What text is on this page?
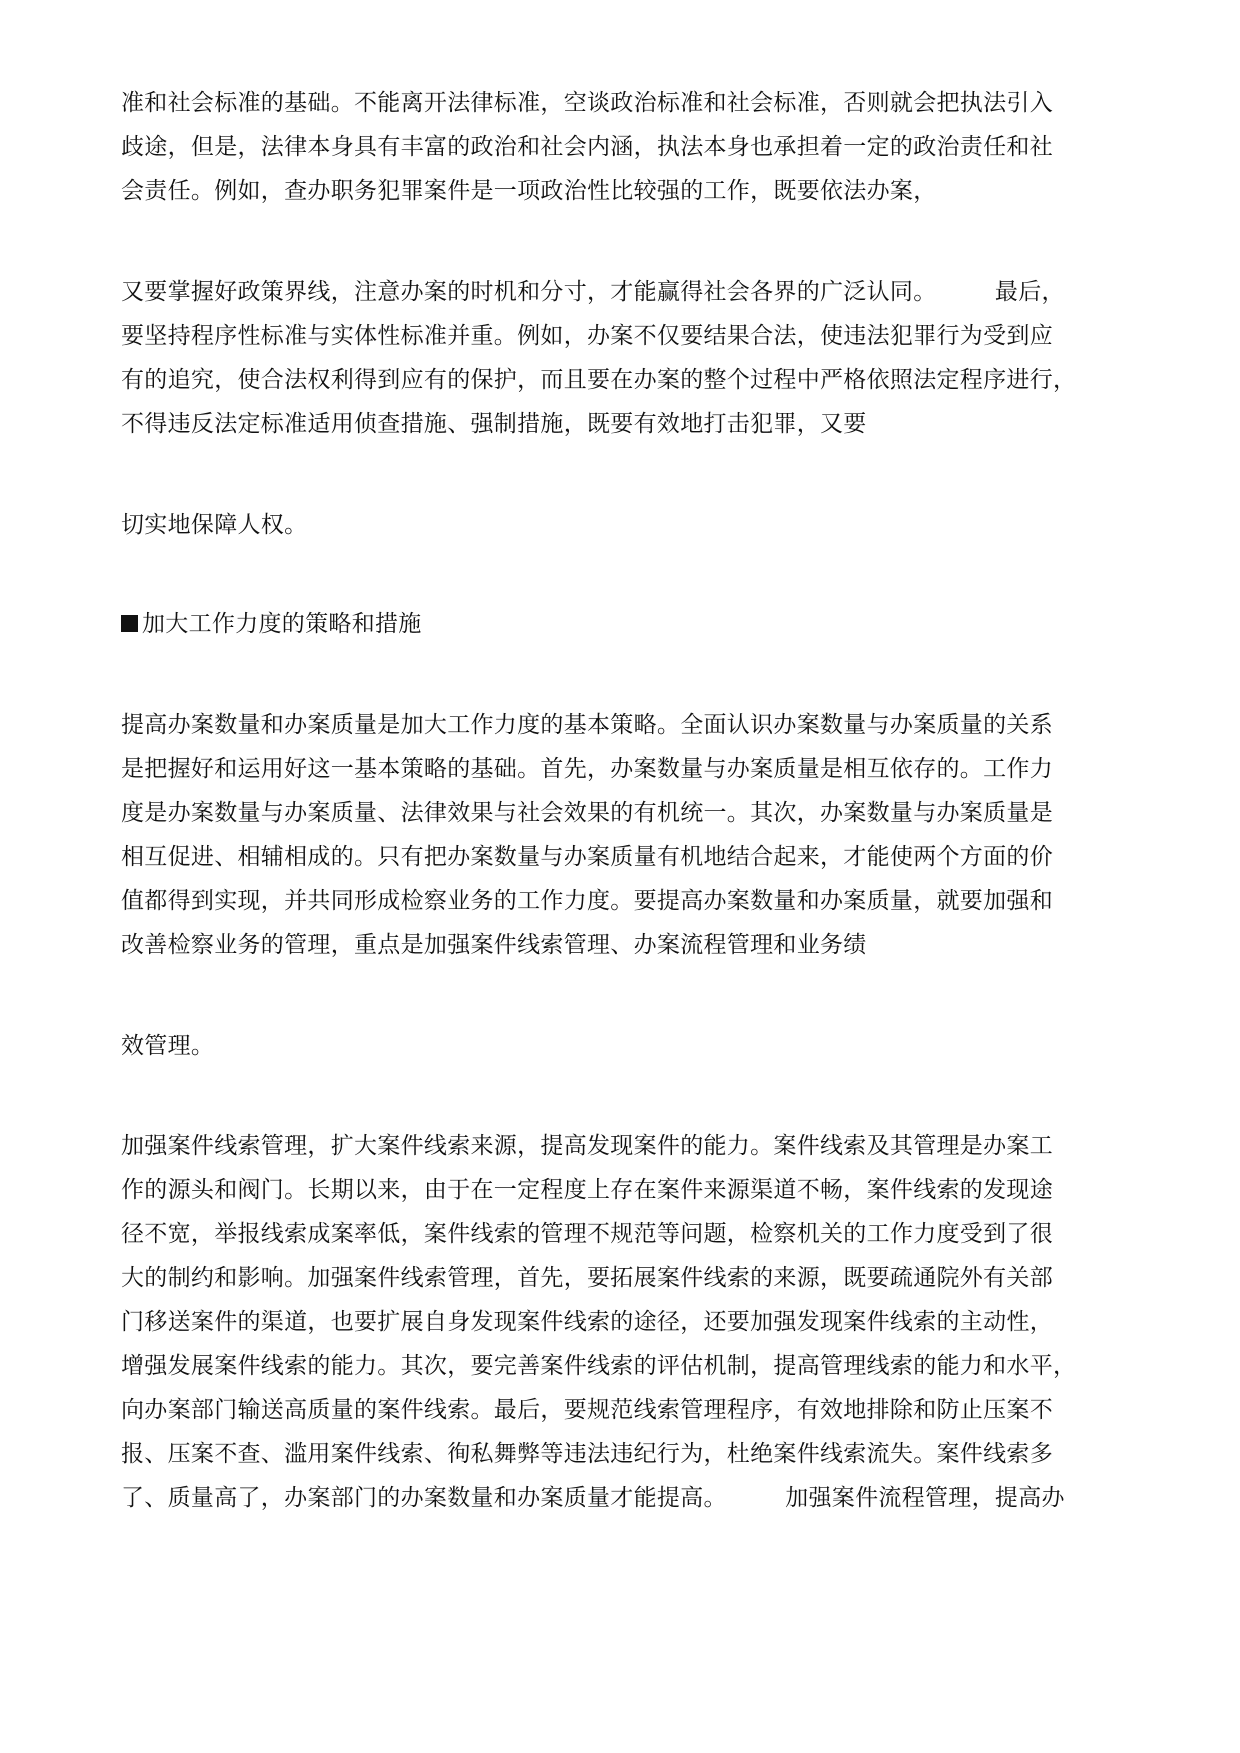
准和社会标准的基础。不能离开法律标准，空谈政治标准和社会标准，否则就会把执法引入
歧途，但是，法律本身具有丰富的政治和社会内涵，执法本身也承担着一定的政治责任和社
会责任。例如，查办职务犯罪案件是一项政治性比较强的工作，既要依法办案，
又要掌握好政策界线，注意办案的时机和分寸，才能赢得社会各界的广泛认同。　　　最后，
要坚持程序性标准与实体性标准并重。例如，办案不仅要结果合法，使违法犯罪行为受到应
有的追究，使合法权利得到应有的保护，而且要在办案的整个过程中严格依照法定程序进行，
不得违反法定标准适用侦查措施、强制措施，既要有效地打击犯罪，又要
切实地保障人权。
加大工作力度的策略和措施
提高办案数量和办案质量是加大工作力度的基本策略。全面认识办案数量与办案质量的关系
是把握好和运用好这一基本策略的基础。首先，办案数量与办案质量是相互依存的。工作力
度是办案数量与办案质量、法律效果与社会效果的有机统一。其次，办案数量与办案质量是
相互促进、相辅相成的。只有把办案数量与办案质量有机地结合起来，才能使两个方面的价
值都得到实现，并共同形成检察业务的工作力度。要提高办案数量和办案质量，就要加强和
改善检察业务的管理，重点是加强案件线索管理、办案流程管理和业务绩
效管理。
加强案件线索管理，扩大案件线索来源，提高发现案件的能力。案件线索及其管理是办案工
作的源头和阀门。长期以来，由于在一定程度上存在案件来源渠道不畅，案件线索的发现途
径不宽，举报线索成案率低，案件线索的管理不规范等问题，检察机关的工作力度受到了很
大的制约和影响。加强案件线索管理，首先，要拓展案件线索的来源，既要疏通院外有关部
门移送案件的渠道，也要扩展自身发现案件线索的途径，还要加强发现案件线索的主动性，
增强发展案件线索的能力。其次，要完善案件线索的评估机制，提高管理线索的能力和水平，
向办案部门输送高质量的案件线索。最后，要规范线索管理程序，有效地排除和防止压案不
报、压案不查、滥用案件线索、徇私舞弊等违法违纪行为，杜绝案件线索流失。案件线索多
了、质量高了，办案部门的办案数量和办案质量才能提高。　　　加强案件流程管理，提高办
